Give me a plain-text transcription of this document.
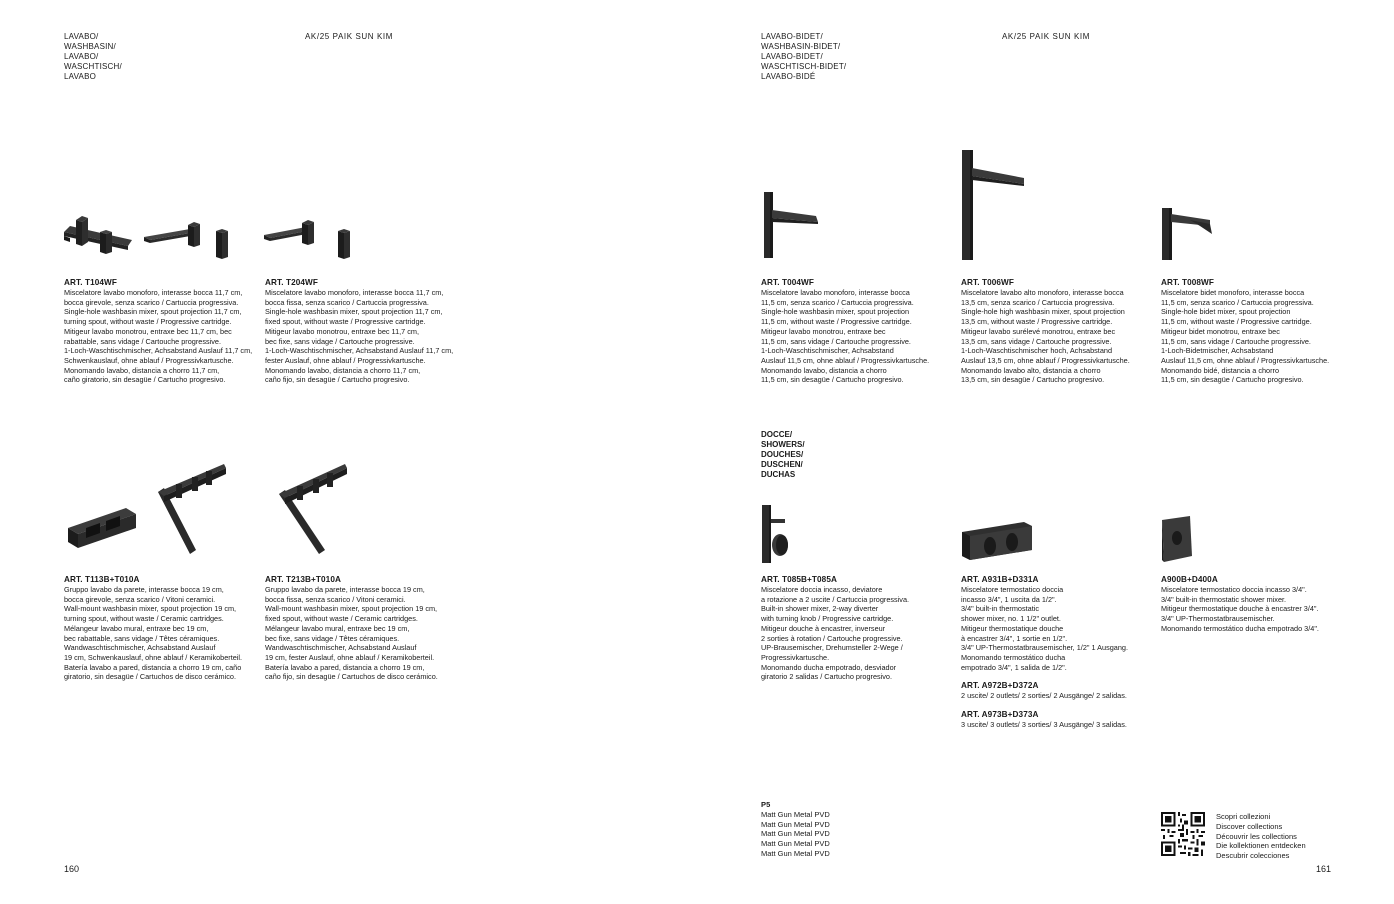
LAVABO/
WASHBASIN/
LAVABO/
WASCHTISCH/
LAVABO
AK/25 PAIK SUN KIM
ART. T104WF
Miscelatore lavabo monoforo, interasse bocca 11,7 cm,
bocca girevole, senza scarico / Cartuccia progressiva.
Single-hole washbasin mixer, spout projection 11,7 cm,
turning spout, without waste / Progressive cartridge.
Mitigeur lavabo monotrou, entraxe bec 11,7 cm, bec
rabattable, sans vidage / Cartouche progressive.
1-Loch-Waschtischmischer, Achsabstand Auslauf 11,7 cm,
Schwenkauslauf, ohne ablauf / Progressivkartusche.
Monomando lavabo, distancia a chorro 11,7 cm,
caño giratorio, sin desagüe / Cartucho progresivo.
ART. T204WF
Miscelatore lavabo monoforo, interasse bocca 11,7 cm,
bocca fissa, senza scarico / Cartuccia progressiva.
Single-hole washbasin mixer, spout projection 11,7 cm,
fixed spout, without waste / Progressive cartridge.
Mitigeur lavabo monotrou, entraxe bec 11,7 cm,
bec fixe, sans vidage / Cartouche progressive.
1-Loch-Waschtischmischer, Achsabstand Auslauf 11,7 cm,
fester Auslauf, ohne ablauf / Progressivkartusche.
Monomando lavabo, distancia a chorro 11,7 cm,
caño fijo, sin desagüe / Cartucho progresivo.
ART. T113B+T010A
Gruppo lavabo da parete, interasse bocca 19 cm,
bocca girevole, senza scarico / Vitoni ceramici.
Wall-mount washbasin mixer, spout projection 19 cm,
turning spout, without waste / Ceramic cartridges.
Mélangeur lavabo mural, entraxe bec 19 cm,
bec rabattable, sans vidage / Têtes céramiques.
Wandwaschtischmischer, Achsabstand Auslauf
19 cm, Schwenkauslauf, ohne ablauf / Keramikoberteil.
Batería lavabo a pared, distancia a chorro 19 cm, caño
giratorio, sin desagüe / Cartuchos de disco cerámico.
ART. T213B+T010A
Gruppo lavabo da parete, interasse bocca 19 cm,
bocca fissa, senza scarico / Vitoni ceramici.
Wall-mount washbasin mixer, spout projection 19 cm,
fixed spout, without waste / Ceramic cartridges.
Mélangeur lavabo mural, entraxe bec 19 cm,
bec fixe, sans vidage / Têtes céramiques.
Wandwaschtischmischer, Achsabstand Auslauf
19 cm, fester Auslauf, ohne ablauf / Keramikoberteil.
Batería lavabo a pared, distancia a chorro 19 cm,
caño fijo, sin desagüe / Cartuchos de disco cerámico.
160
LAVABO-BIDET/
WASHBASIN-BIDET/
LAVABO-BIDET/
WASCHTISCH-BIDET/
LAVABO-BIDÉ
AK/25 PAIK SUN KIM
ART. T004WF
Miscelatore lavabo monoforo, interasse bocca
11,5 cm, senza scarico / Cartuccia progressiva.
Single-hole washbasin mixer, spout projection
11,5 cm, without waste / Progressive cartridge.
Mitigeur lavabo monotrou, entraxe bec
11,5 cm, sans vidage / Cartouche progressive.
1-Loch-Waschtischmischer, Achsabstand
Auslauf 11,5 cm, ohne ablauf / Progressivkartusche.
Monomando lavabo, distancia a chorro
11,5 cm, sin desagüe / Cartucho progresivo.
ART. T006WF
Miscelatore lavabo alto monoforo, interasse bocca
13,5 cm, senza scarico / Cartuccia progressiva.
Single-hole high washbasin mixer, spout projection
13,5 cm, without waste / Progressive cartridge.
Mitigeur lavabo surélevé monotrou, entraxe bec
13,5 cm, sans vidage / Cartouche progressive.
1-Loch-Waschtischmischer hoch, Achsabstand
Auslauf 13,5 cm, ohne ablauf / Progressivkartusche.
Monomando lavabo alto, distancia a chorro
13,5 cm, sin desagüe / Cartucho progresivo.
ART. T008WF
Miscelatore bidet monoforo, interasse bocca
11,5 cm, senza scarico / Cartuccia progressiva.
Single-hole bidet mixer, spout projection
11,5 cm, without waste / Progressive cartridge.
Mitigeur bidet monotrou, entraxe bec
11,5 cm, sans vidage / Cartouche progressive.
1-Loch-Bidetmischer, Achsabstand
Auslauf 11,5 cm, ohne ablauf / Progressivkartusche.
Monomando bidé, distancia a chorro
11,5 cm, sin desagüe / Cartucho progresivo.
DOCCE/
SHOWERS/
DOUCHES/
DUSCHEN/
DUCHAS
ART. T085B+T085A
Miscelatore doccia incasso, deviatore
a rotazione a 2 uscite / Cartuccia progressiva.
Built-in shower mixer, 2-way diverter
with turning knob / Progressive cartridge.
Mitigeur douche à encastrer, inverseur
2 sorties à rotation / Cartouche progressive.
UP-Brausemischer, Drehumsteller 2-Wege /
Progressivkartusche.
Monomando ducha empotrado, desviador
giratorio 2 salidas / Cartucho progresivo.
ART. A931B+D331A
Miscelatore termostatico doccia
incasso 3/4", 1 uscita da 1/2".
3/4" built-in thermostatic
shower mixer, no. 1 1/2" outlet.
Mitigeur thermostatique douche
à encastrer 3/4", 1 sortie en 1/2".
3/4" UP-Thermostatbrausemischer, 1/2" 1 Ausgang.
Monomando termostático ducha
empotrado 3/4", 1 salida de 1/2".
ART. A972B+D372A
2 uscite/ 2 outlets/ 2 sorties/ 2 Ausgänge/ 2 salidas.
ART. A973B+D373A
3 uscite/ 3 outlets/ 3 sorties/ 3 Ausgänge/ 3 salidas.
A900B+D400A
Miscelatore termostatico doccia incasso 3/4".
3/4" built-in thermostatic shower mixer.
Mitigeur thermostatique douche à encastrer 3/4".
3/4" UP-Thermostatbrausemischer.
Monomando termostático ducha empotrado 3/4".
P5
Matt Gun Metal PVD
Matt Gun Metal PVD
Matt Gun Metal PVD
Matt Gun Metal PVD
Matt Gun Metal PVD
Scopri collezioni
Discover collections
Découvrir les collections
Die kollektionen entdecken
Descubrir colecciones
161
